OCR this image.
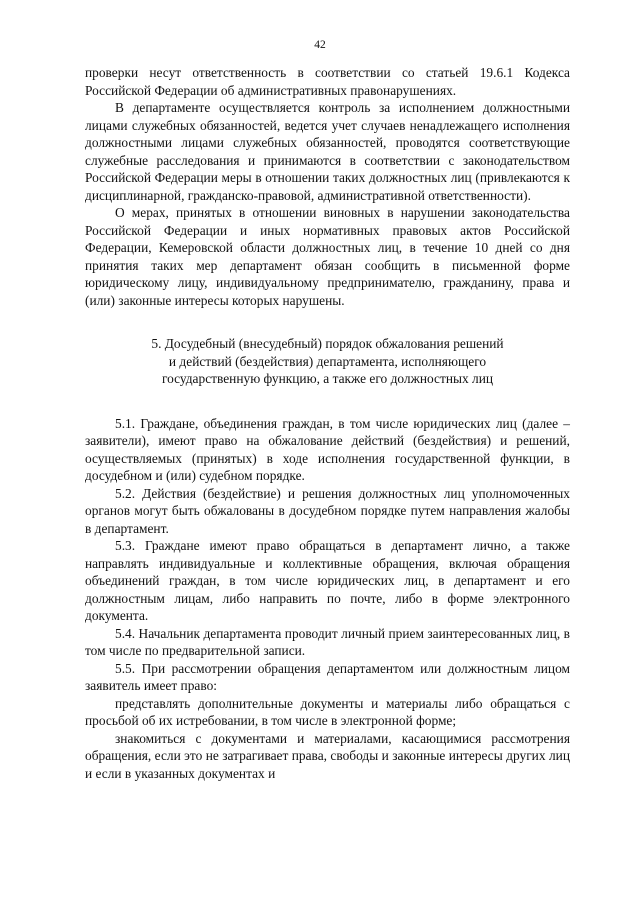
42

проверки несут ответственность в соответствии со статьей 19.6.1 Кодекса Российской Федерации об административных правонарушениях.

В департаменте осуществляется контроль за исполнением должностными лицами служебных обязанностей, ведется учет случаев ненадлежащего исполнения должностными лицами служебных обязанностей, проводятся соответствующие служебные расследования и принимаются в соответствии с законодательством Российской Федерации меры в отношении таких должностных лиц (привлекаются к дисциплинарной, гражданско-правовой, административной ответственности).

О мерах, принятых в отношении виновных в нарушении законодательства Российской Федерации и иных нормативных правовых актов Российской Федерации, Кемеровской области должностных лиц, в течение 10 дней со дня принятия таких мер департамент обязан сообщить в письменной форме юридическому лицу, индивидуальному предпринимателю, гражданину, права и (или) законные интересы которых нарушены.

5. Досудебный (внесудебный) порядок обжалования решений
и действий (бездействия) департамента, исполняющего
государственную функцию, а также его должностных лиц

5.1. Граждане, объединения граждан, в том числе юридических лиц (далее – заявители), имеют право на обжалование действий (бездействия) и решений, осуществляемых (принятых) в ходе исполнения государственной функции, в досудебном и (или) судебном порядке.

5.2. Действия (бездействие) и решения должностных лиц уполномоченных органов могут быть обжалованы в досудебном порядке путем направления жалобы в департамент.

5.3. Граждане имеют право обращаться в департамент лично, а также направлять индивидуальные и коллективные обращения, включая обращения объединений граждан, в том числе юридических лиц, в департамент и его должностным лицам, либо направить по почте, либо в форме электронного документа.

5.4. Начальник департамента проводит личный прием заинтересованных лиц, в том числе по предварительной записи.

5.5. При рассмотрении обращения департаментом или должностным лицом заявитель имеет право:

представлять дополнительные документы и материалы либо обращаться с просьбой об их истребовании, в том числе в электронной форме;

знакомиться с документами и материалами, касающимися рассмотрения обращения, если это не затрагивает права, свободы и законные интересы других лиц и если в указанных документах и
